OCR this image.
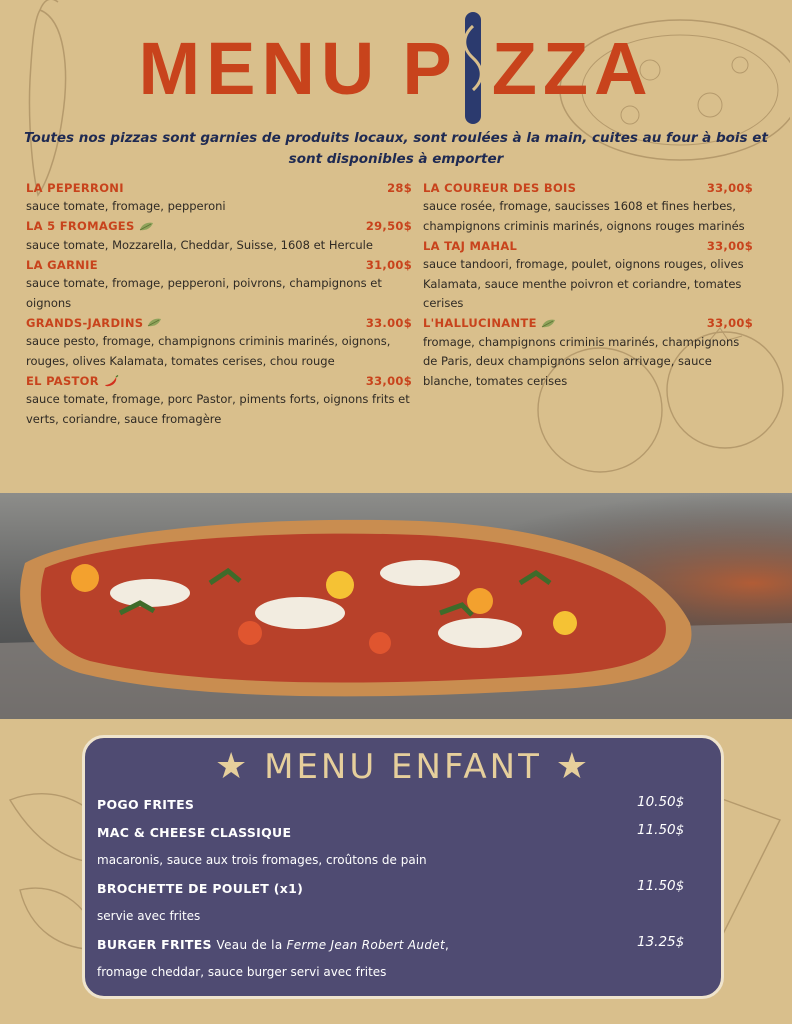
MENU P ZZA
Toutes nos pizzas sont garnies de produits locaux, sont roulées à la main, cuites au four à bois et sont disponibles à emporter
LA PEPERRONI	28$
sauce tomate, fromage, pepperoni
LA 5 FROMAGES	29,50$
sauce tomate, Mozzarella, Cheddar, Suisse, 1608 et Hercule
LA GARNIE	31,00$
sauce tomate, fromage, pepperoni, poivrons, champignons et oignons
GRANDS-JARDINS	33.00$
sauce pesto, fromage, champignons criminis marinés, oignons, rouges, olives Kalamata, tomates cerises, chou rouge
EL PASTOR	33,00$
sauce tomate, fromage, porc Pastor, piments forts, oignons frits et verts, coriandre, sauce fromagère
LA COUREUR DES BOIS	33,00$
sauce rosée, fromage, saucisses 1608 et fines herbes, champignons criminis marinés, oignons rouges marinés
LA TAJ MAHAL	33,00$
sauce tandoori, fromage, poulet, oignons rouges, olives Kalamata, sauce menthe poivron et coriandre, tomates cerises
L'HALLUCINANTE	33,00$
fromage, champignons criminis marinés, champignons de Paris, deux champignons selon arrivage, sauce blanche, tomates cerises
★ MENU ENFANT ★
POGO FRITES	10.50$
MAC & CHEESE CLASSIQUE	11.50$
macaronis, sauce aux trois fromages, croûtons de pain
BROCHETTE DE POULET (x1)	11.50$
servie avec frites
BURGER FRITES Veau de la Ferme Jean Robert Audet,	13.25$
fromage cheddar, sauce burger servi avec frites
